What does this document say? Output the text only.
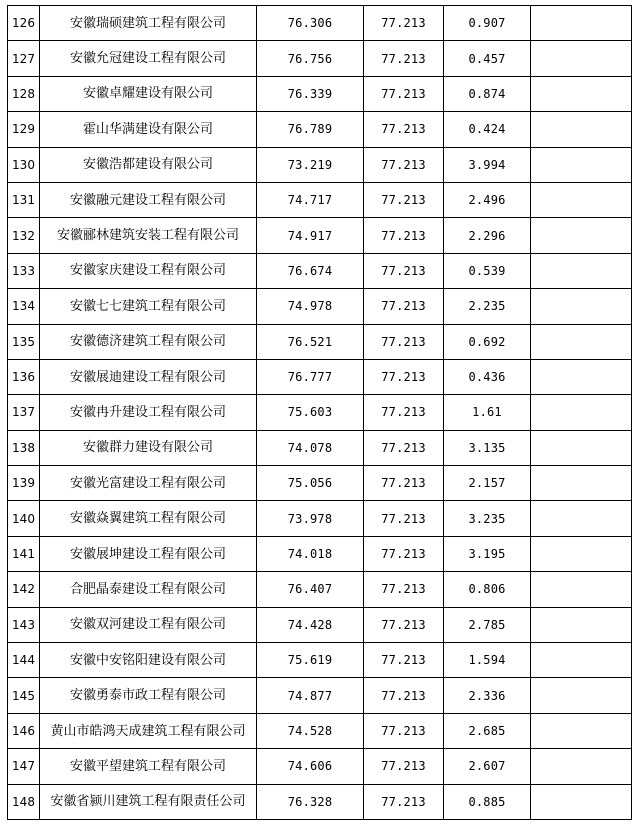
126	安徽瑞硕建筑工程有限公司	76.306	77.213	0.907	
127	安徽允冠建设工程有限公司	76.756	77.213	0.457	
128	安徽卓耀建设有限公司	76.339	77.213	0.874	
129	霍山华满建设有限公司	76.789	77.213	0.424	
130	安徽浩都建设有限公司	73.219	77.213	3.994	
131	安徽融元建设工程有限公司	74.717	77.213	2.496	
132	安徽郦林建筑安装工程有限公司	74.917	77.213	2.296	
133	安徽家庆建设工程有限公司	76.674	77.213	0.539	
134	安徽七七建筑工程有限公司	74.978	77.213	2.235	
135	安徽德济建筑工程有限公司	76.521	77.213	0.692	
136	安徽展迪建设工程有限公司	76.777	77.213	0.436	
137	安徽冉升建设工程有限公司	75.603	77.213	1.61	
138	安徽群力建设有限公司	74.078	77.213	3.135	
139	安徽光富建设工程有限公司	75.056	77.213	2.157	
140	安徽焱翼建筑工程有限公司	73.978	77.213	3.235	
141	安徽展坤建设工程有限公司	74.018	77.213	3.195	
142	合肥晶泰建设工程有限公司	76.407	77.213	0.806	
143	安徽双河建设工程有限公司	74.428	77.213	2.785	
144	安徽中安铭阳建设有限公司	75.619	77.213	1.594	
145	安徽勇泰市政工程有限公司	74.877	77.213	2.336	
146	黄山市皓鸿天成建筑工程有限公司	74.528	77.213	2.685	
147	安徽平望建筑工程有限公司	74.606	77.213	2.607	
148	安徽省颍川建筑工程有限责任公司	76.328	77.213	0.885	
